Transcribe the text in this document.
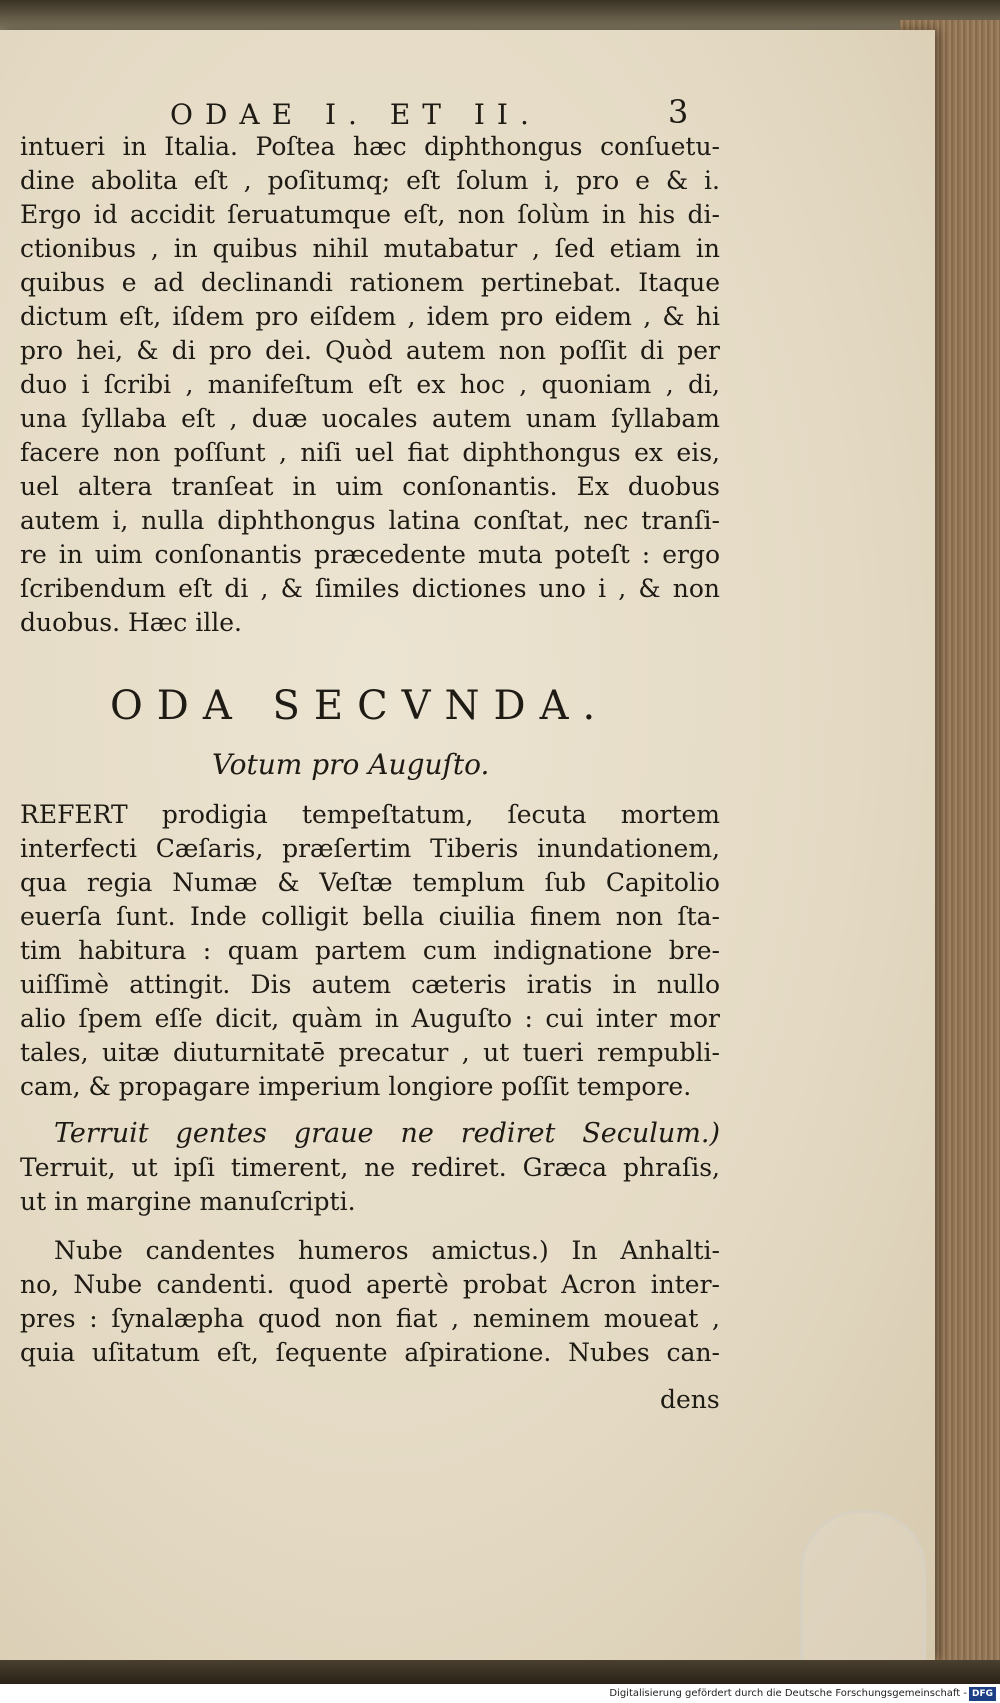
ODAE I. ET II.	3
intueri in Italia. Poſtea hæc diphthongus conſuetu-
dine abolita eſt , poſitumq; eſt ſolum i, pro e & i.
Ergo id accidit ſeruatumque eſt, non ſolùm in his di-
ctionibus , in quibus nihil mutabatur , ſed etiam in
quibus e ad declinandi rationem pertinebat. Itaque
dictum eſt, iſdem pro eiſdem , idem pro eidem , & hi
pro hei, & di pro dei. Quòd autem non poſſit di per
duo i ſcribi , manifeſtum eſt ex hoc , quoniam , di,
una ſyllaba eſt , duæ uocales autem unam ſyllabam
facere non poſſunt , niſi uel fiat diphthongus ex eis,
uel altera tranſeat in uim conſonantis. Ex duobus
autem i, nulla diphthongus latina conſtat, nec tranſi-
re in uim conſonantis præcedente muta poteſt : ergo
ſcribendum eſt di , & ſimiles dictiones uno i , & non
duobus. Hæc ille.
ODA SECVNDA.
Votum pro Auguſto.
REFERT prodigia tempeſtatum, ſecuta mortem
interfecti Cæſaris, præſertim Tiberis inundationem,
qua regia Numæ & Veſtæ templum ſub Capitolio
euerſa ſunt. Inde colligit bella ciuilia finem non ſta-
tim habitura : quam partem cum indignatione bre-
uiſſimè attingit. Dis autem cæteris iratis in nullo
alio ſpem eſſe dicit, quàm in Auguſto : cui inter mor
tales, uitæ diuturnitatē precatur , ut tueri rempubli-
cam, & propagare imperium longiore poſſit tempore.
Terruit gentes graue ne rediret Seculum.)
Terruit, ut ipſi timerent, ne rediret. Græca phraſis,
ut in margine manuſcripti.
Nube candentes humeros amictus.) In Anhalti-
no, Nube candenti. quod apertè probat Acron inter-
pres : ſynalæpha quod non fiat , neminem moueat ,
quia uſitatum eſt, ſequente aſpiratione. Nubes can-
dens
Digitalisierung gefördert durch die Deutsche Forschungsgemeinschaft - DFG
